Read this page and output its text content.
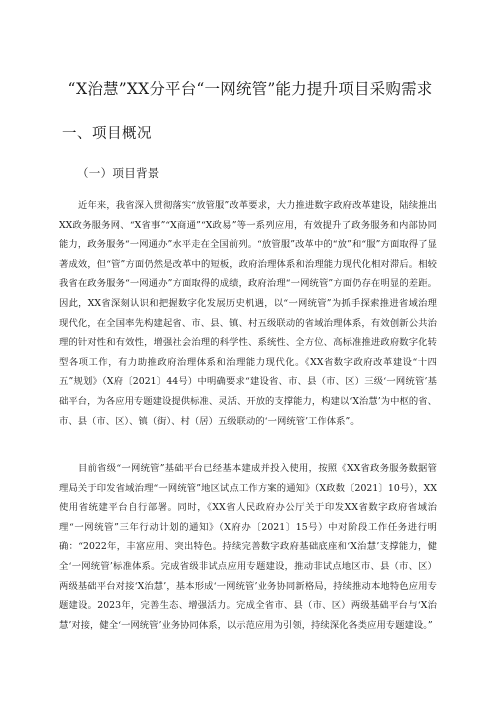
“X治慧”XX分平台“一网统管”能力提升项目采购需求
一、项目概况
（一）项目背景

近年来，我省深入贯彻落实“放管服”改革要求，大力推进数字政府改革建设，陆续推出XX政务服务网、“X省事”“X商通”“X政易”等一系列应用，有效提升了政务服务和内部协同能力，政务服务“一网通办”水平走在全国前列。“放管服”改革中的“放”和“服”方面取得了显著成效，但“管”方面仍然是改革中的短板，政府治理体系和治理能力现代化相对滞后。相较我省在政务服务“一网通办”方面取得的成绩，政府治理“一网统管”方面仍存在明显的差距。因此，XX省深刻认识和把握数字化发展历史机遇，以“一网统管”为抓手探索推进省域治理现代化，在全国率先构建起省、市、县、镇、村五级联动的省域治理体系，有效创新公共治理的针对性和有效性，增强社会治理的科学性、系统性、全方位、高标准推进政府数字化转型各项工作，有力助推政府治理体系和治理能力现代化。《XX省数字政府改革建设“十四五”规划》（X府〔2021〕44号）中明确要求“建设省、市、县（市、区）三级‘一网统管’基础平台，为各应用专题建设提供标准、灵活、开放的支撑能力，构建以‘X治慧’为中枢的省、市、县（市、区）、镇（街）、村（居）五级联动的‘一网统管’工作体系”。

目前省级“一网统管”基础平台已经基本建成并投入使用，按照《XX省政务服务数据管理局关于印发省域治理“一网统管”地区试点工作方案的通知》（X政数〔2021〕10号），XX使用省统建平台自行部署。同时，《XX省人民政府办公厅关于印发XX省数字政府省域治理“一网统管”三年行动计划的通知》（X府办〔2021〕15号）中对阶段工作任务进行明确：“2022年，丰富应用、突出特色。持续完善数字政府基础底座和‘X治慧’支撑能力，健全‘一网统管’标准体系。完成省级非试点应用专题建设，推动非试点地区市、县（市、区）两级基础平台对接‘X治慧’，基本形成‘一网统管’业务协同新格局，持续推动本地特色应用专题建设。2023年，完善生态、增强活力。完成全省市、县（市、区）两级基础平台与‘X治慧’对接，健全‘一网统管’业务协同体系，以示范应用为引领，持续深化各类应用专题建设。”
